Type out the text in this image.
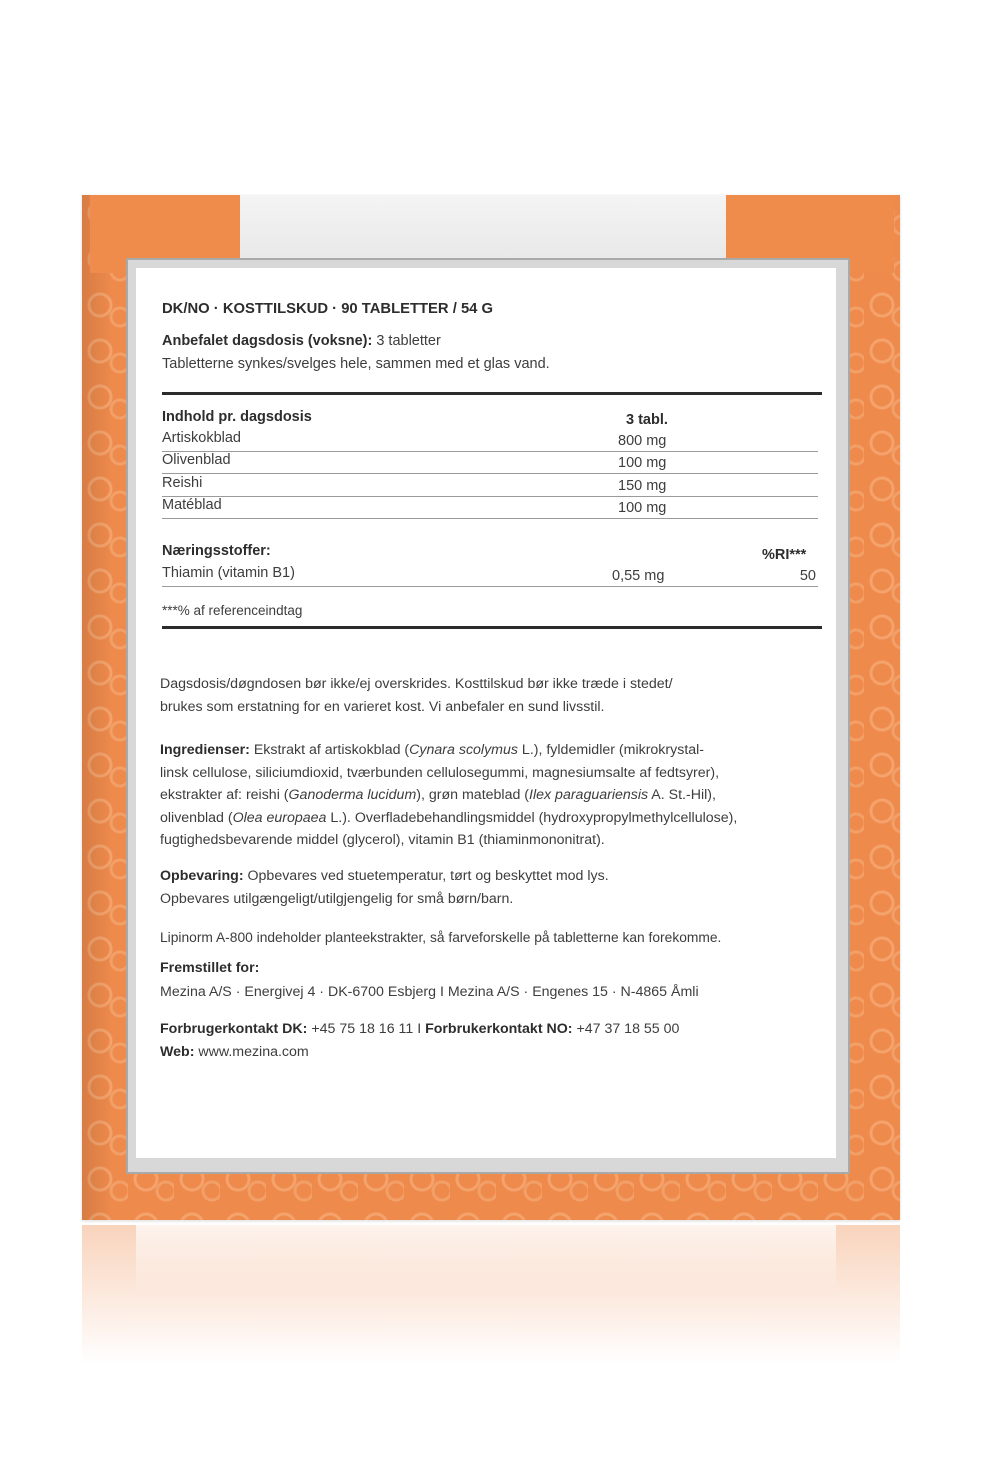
DK/NO · KOSTTILSKUD · 90 TABLETTER / 54 G
Anbefalet dagsdosis (voksne): 3 tabletter
Tabletterne synkes/svelges hele, sammen med et glas vand.
Indhold pr. dagsdosis	3 tabl.
Artiskokblad	800 mg
Olivenblad	100 mg
Reishi	150 mg
Matéblad	100 mg
Næringsstoffer:	%RI***
Thiamin (vitamin B1)	0,55 mg	50
***% af referenceindtag
Dagsdosis/døgndosen bør ikke/ej overskrides. Kosttilskud bør ikke træde i stedet/
brukes som erstatning for en varieret kost. Vi anbefaler en sund livsstil.
Ingredienser: Ekstrakt af artiskokblad (Cynara scolymus L.), fyldemidler (mikrokrystal-
linsk cellulose, siliciumdioxid, tværbunden cellulosegummi, magnesiumsalte af fedtsyrer),
ekstrakter af: reishi (Ganoderma lucidum), grøn mateblad (Ilex paraguariensis A. St.-Hil),
olivenblad (Olea europaea L.). Overfladebehandlingsmiddel (hydroxypropylmethylcellulose),
fugtighedsbevarende middel (glycerol), vitamin B1 (thiaminmononitrat).
Opbevaring: Opbevares ved stuetemperatur, tørt og beskyttet mod lys.
Opbevares utilgængeligt/utilgjengelig for små børn/barn.
Lipinorm A-800 indeholder planteekstrakter, så farveforskelle på tabletterne kan forekomme.
Fremstillet for:
Mezina A/S · Energivej 4 · DK-6700 Esbjerg I Mezina A/S · Engenes 15 · N-4865 Åmli
Forbrugerkontakt DK: +45 75 18 16 11 I Forbrukerkontakt NO: +47 37 18 55 00
Web: www.mezina.com
